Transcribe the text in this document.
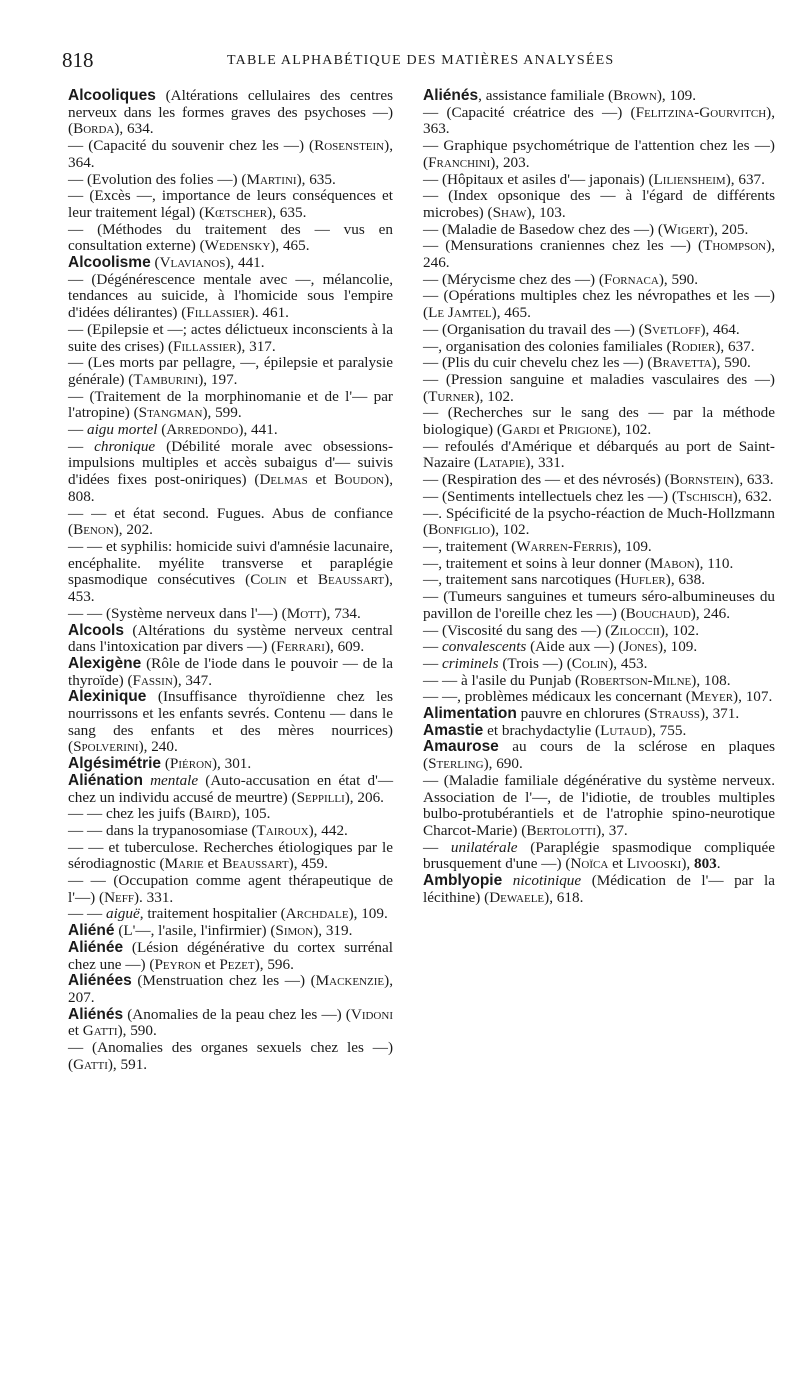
818	TABLE ALPHABÉTIQUE DES MATIÈRES ANALYSÉES
Alcooliques (Altérations cellulaires des centres nerveux dans les formes graves des psychoses —) (Borda), 634.
— (Capacité du souvenir chez les —) (Rosenstein), 364.
— (Evolution des folies —) (Martini), 635.
— (Excès —, importance de leurs conséquences et leur traitement légal) (Kœtscher), 635.
— (Méthodes du traitement des — vus en consultation externe) (Wedensky), 465.
Alcoolisme (Vlavianos), 441.
— (Dégénérescence mentale avec —, mélancolie, tendances au suicide, à l'homicide sous l'empire d'idées délirantes) (Fillassier). 461.
— (Epilepsie et —; actes délictueux inconscients à la suite des crises) (Fillassier), 317.
— (Les morts par pellagre, —, épilepsie et paralysie générale) (Tamburini), 197.
— (Traitement de la morphinomanie et de l'— par l'atropine) (Stangman), 599.
— aigu mortel (Arredondo), 441.
— chronique (Débilité morale avec obsessions-impulsions multiples et accès subaigus d'— suivis d'idées fixes post-oniriques) (Delmas et Boudon), 808.
— — et état second. Fugues. Abus de confiance (Benon), 202.
— — et syphilis: homicide suivi d'amnésie lacunaire, encéphalite. myélite transverse et paraplégie spasmodique consécutives (Colin et Beaussart), 453.
— — (Système nerveux dans l'—) (Mott), 734.
Alcools (Altérations du système nerveux central dans l'intoxication par divers —) (Ferrari), 609.
Alexigène (Rôle de l'iode dans le pouvoir — de la thyroïde) (Fassin), 347.
Alexinique (Insuffisance thyroïdienne chez les nourrissons et les enfants sevrés. Contenu — dans le sang des enfants et des mères nourrices) (Spolverini), 240.
Algésimétrie (Piéron), 301.
Aliénation mentale (Auto-accusation en état d'— chez un individu accusé de meurtre) (Seppilli), 206.
— — chez les juifs (Baird), 105.
— — dans la trypanosomiase (Tairoux), 442.
— — et tuberculose. Recherches étiologiques par le sérodiagnostic (Marie et Beaussart), 459.
— — (Occupation comme agent thérapeutique de l'—) (Neff). 331.
— — aiguë, traitement hospitalier (Archdale), 109.
Aliéné (L'—, l'asile, l'infirmier) (Simon), 319.
Aliénée (Lésion dégénérative du cortex surrénal chez une —) (Peyron et Pezet), 596.
Aliénées (Menstruation chez les —) (Mackenzie), 207.
Aliénés (Anomalies de la peau chez les —) (Vidoni et Gatti), 590.
— (Anomalies des organes sexuels chez les —) (Gatti), 591.
Aliénés, assistance familiale (Brown), 109.
— (Capacité créatrice des —) (Felitzina-Gourvitch), 363.
— Graphique psychométrique de l'attention chez les —) (Franchini), 203.
— (Hôpitaux et asiles d'— japonais) (Liliensheim), 637.
— (Index opsonique des — à l'égard de différents microbes) (Shaw), 103.
— (Maladie de Basedow chez des —) (Wigert), 205.
— (Mensurations craniennes chez les —) (Thompson), 246.
— (Mérycisme chez des —) (Fornaca), 590.
— (Opérations multiples chez les névropathes et les —) (Le Jamtel), 465.
— (Organisation du travail des —) (Svetloff), 464.
—, organisation des colonies familiales (Rodier), 637.
— (Plis du cuir chevelu chez les —) (Bravetta), 590.
— (Pression sanguine et maladies vasculaires des —) (Turner), 102.
— (Recherches sur le sang des — par la méthode biologique) (Gardi et Prigione), 102.
— refoulés d'Amérique et débarqués au port de Saint-Nazaire (Latapie), 331.
— (Respiration des — et des névrosés) (Bornstein), 633.
— (Sentiments intellectuels chez les —) (Tschisch), 632.
—. Spécificité de la psycho-réaction de Much-Hollzmann (Bonfiglio), 102.
—, traitement (Warren-Ferris), 109.
—, traitement et soins à leur donner (Mabon), 110.
—, traitement sans narcotiques (Hufler), 638.
— (Tumeurs sanguines et tumeurs séro-albumineuses du pavillon de l'oreille chez les —) (Bouchaud), 246.
— (Viscosité du sang des —) (Ziloccii), 102.
— convalescents (Aide aux —) (Jones), 109.
— criminels (Trois —) (Colin), 453.
— — à l'asile du Punjab (Robertson-Milne), 108.
— —, problèmes médicaux les concernant (Meyer), 107.
Alimentation pauvre en chlorures (Strauss), 371.
Amastie et brachydactylie (Lutaud), 755.
Amaurose au cours de la sclérose en plaques (Sterling), 690.
— (Maladie familiale dégénérative du système nerveux. Association de l'—, de l'idiotie, de troubles multiples bulbo-protubérantiels et de l'atrophie spino-neurotique Charcot-Marie) (Bertolotti), 37.
— unilatérale (Paraplégie spasmodique compliquée brusquement d'une —) (Noïca et Livooski), 803.
Amblyopie nicotinique (Médication de l'— par la lécithine) (Dewaele), 618.
